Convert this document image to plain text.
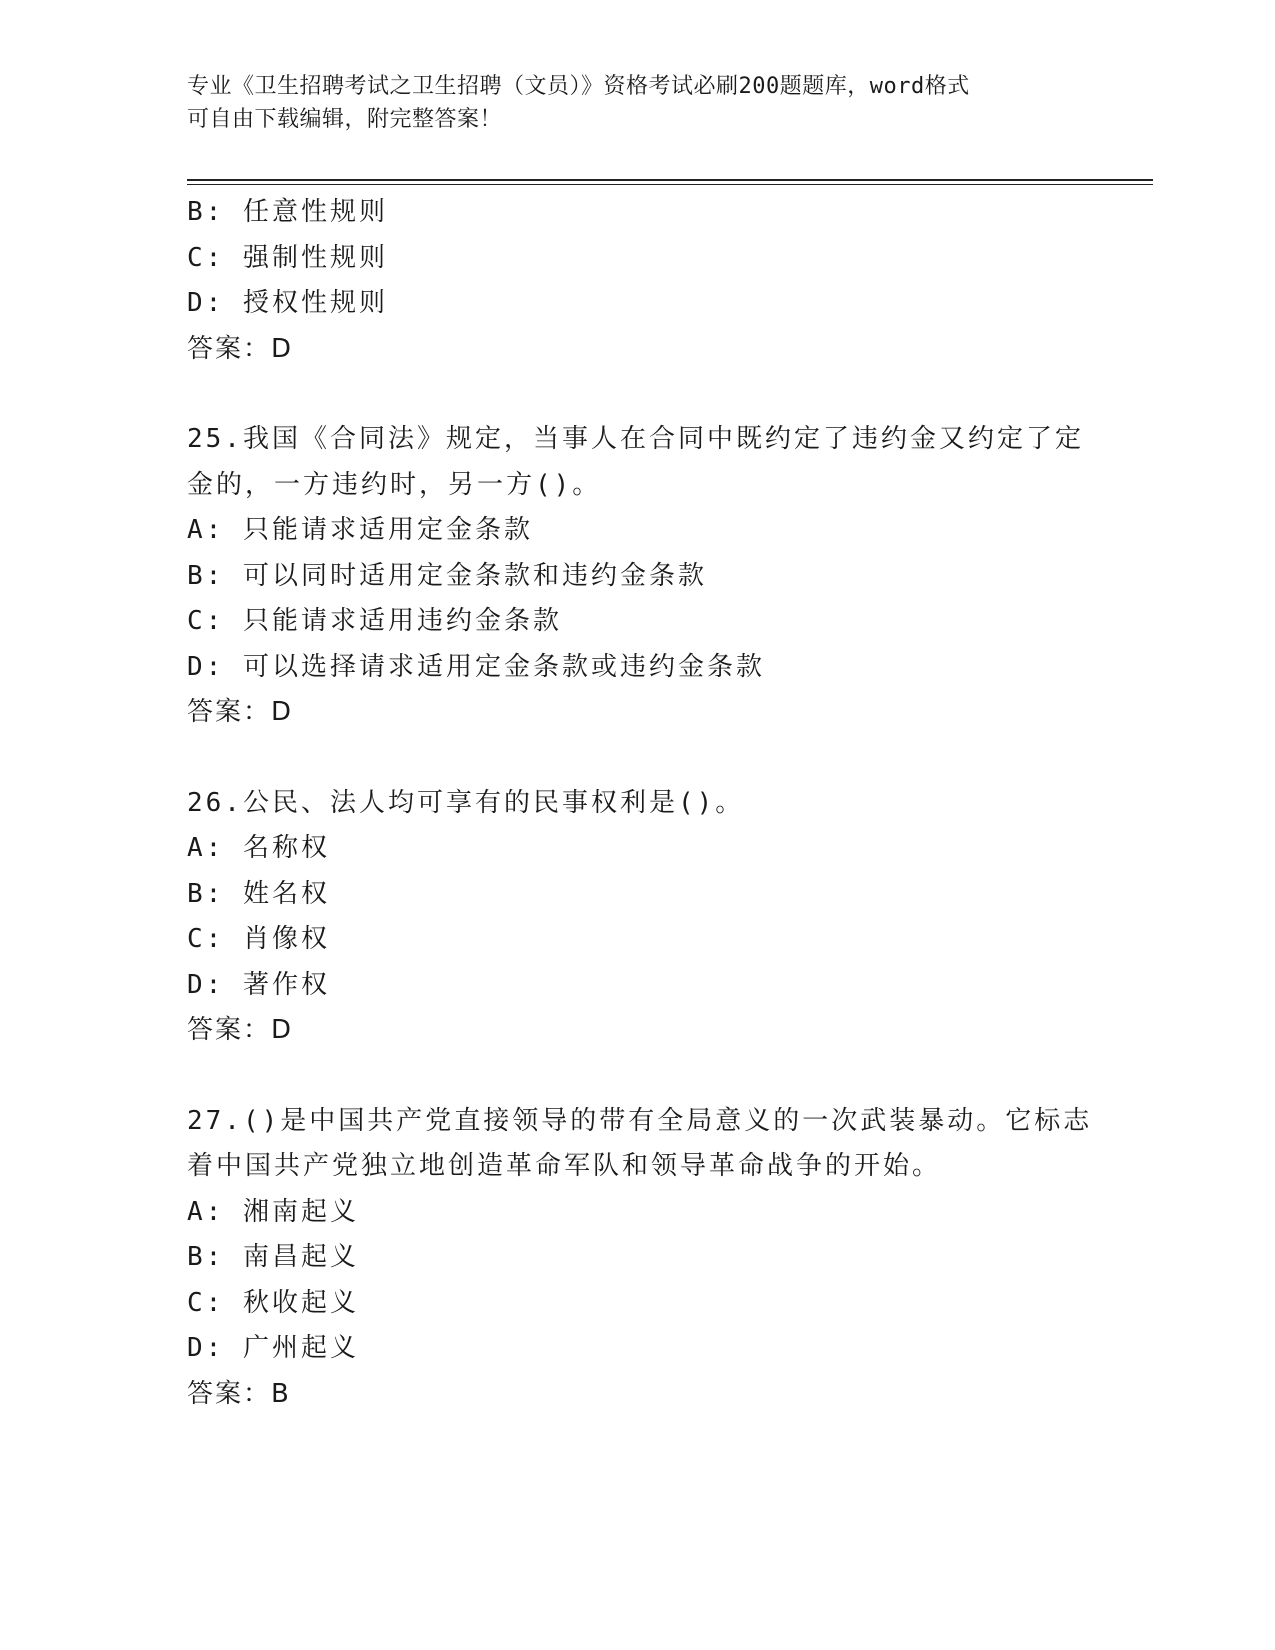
专业《卫生招聘考试之卫生招聘（文员）》资格考试必刷200题题库，word格式
可自由下载编辑，附完整答案！
B: 任意性规则
C: 强制性规则
D: 授权性规则
答案：D
25.我国《合同法》规定，当事人在合同中既约定了违约金又约定了定
金的，一方违约时，另一方()。
A: 只能请求适用定金条款
B: 可以同时适用定金条款和违约金条款
C: 只能请求适用违约金条款
D: 可以选择请求适用定金条款或违约金条款
答案：D
26.公民、法人均可享有的民事权利是()。
A: 名称权
B: 姓名权
C: 肖像权
D: 著作权
答案：D
27.()是中国共产党直接领导的带有全局意义的一次武装暴动。它标志
着中国共产党独立地创造革命军队和领导革命战争的开始。
A: 湘南起义
B: 南昌起义
C: 秋收起义
D: 广州起义
答案：B
